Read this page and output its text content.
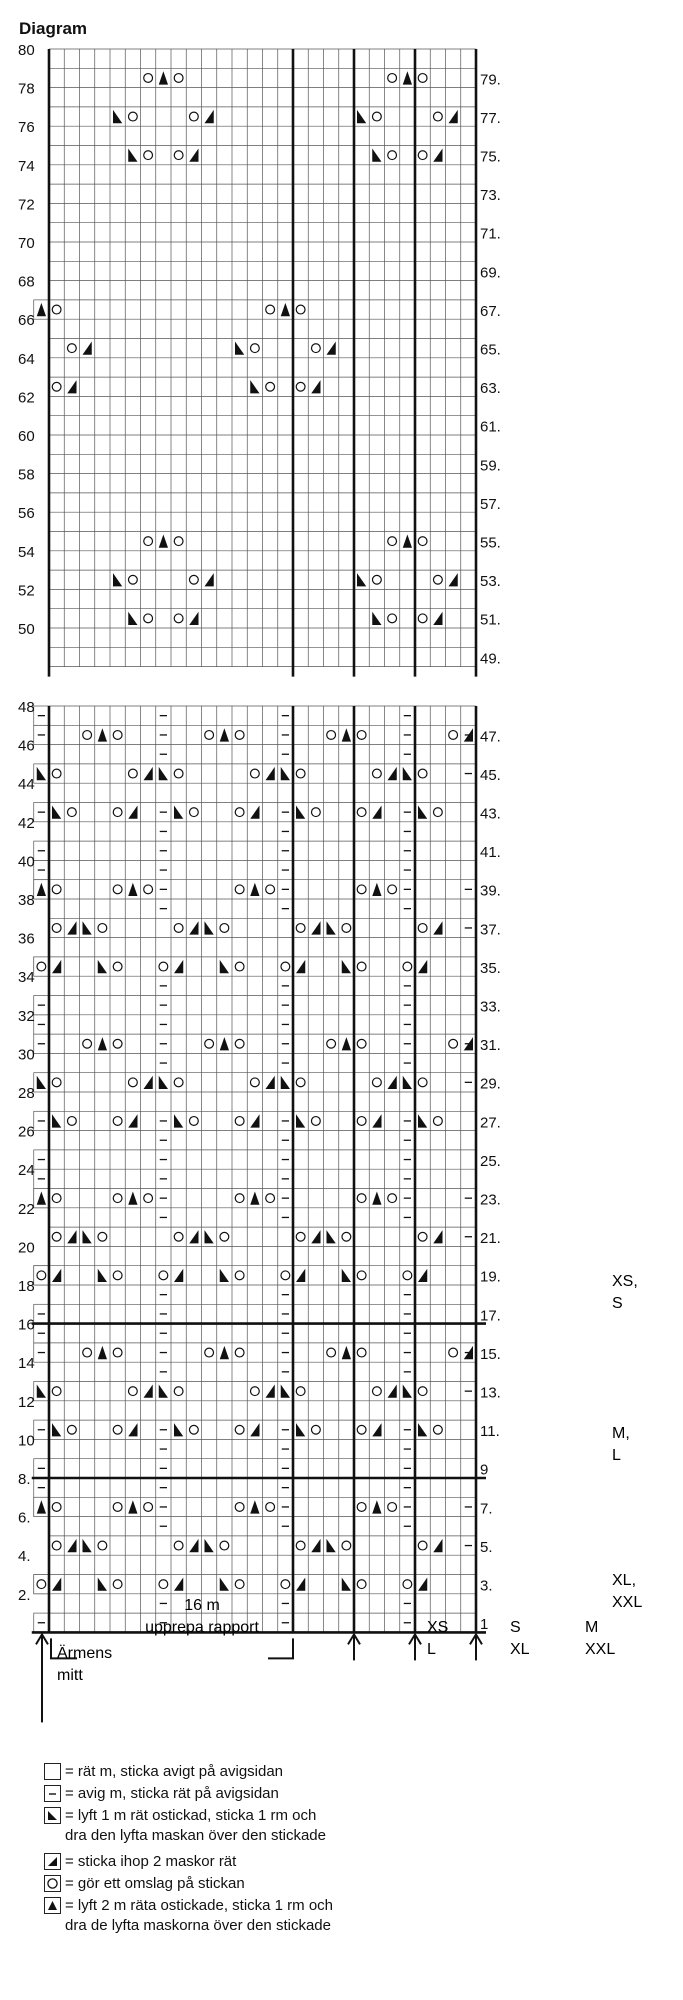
Diagram
80
78
76
74
72
70
68
66
64
62
60
58
56
54
52
50
79.
77.
75.
73.
71.
69.
67.
65.
63.
61.
59.
57.
55.
53.
51.
49.
48
46
44
42
40
38
36
34
32
30
28
26
24
22
20
18
16
14
12
10
8.
6.
4.
2.
47.
45.
43.
41.
39.
37.
35.
33.
31.
29.
27.
25.
23.
21.
19.
17.
15.
13.
11.
9
7.
5.
3.
1
16 m
upprepa rapport
Ärmens
mitt
XS
L
S
XL
M
XXL
XS,
S
M,
L
XL,
XXL
= rät m, sticka avigt på avigsidan
= avig m, sticka rät på avigsidan
= lyft 1 m rät ostickad, sticka 1 rm och
dra den lyfta maskan över den stickade
= sticka ihop 2 maskor rät
= gör ett omslag på stickan
= lyft 2 m räta ostickade, sticka 1 rm och
dra de lyfta maskorna över den stickade
